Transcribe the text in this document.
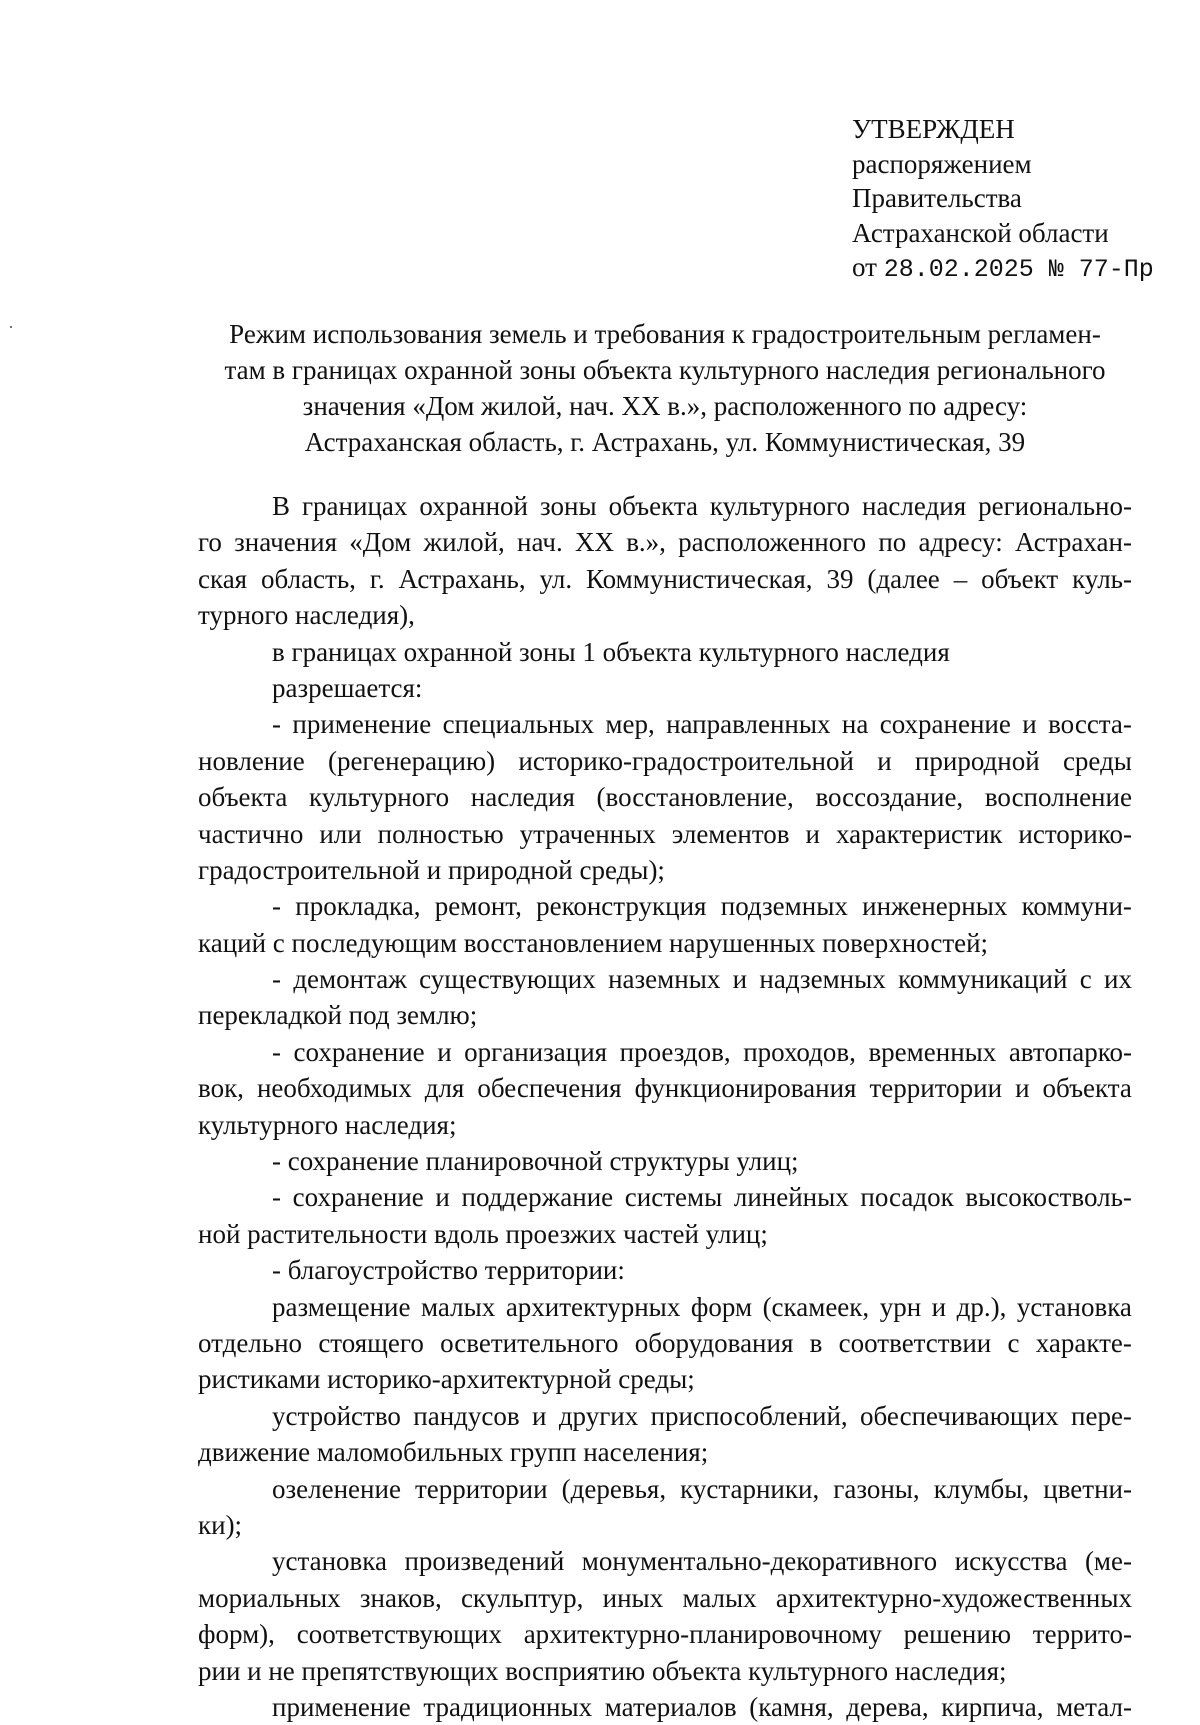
УТВЕРЖДЕН
распоряжением
Правительства
Астраханской области
от 28.02.2025 № 77-Пр
Режим использования земель и требования к градостроительным регламен-
там в границах охранной зоны объекта культурного наследия регионального
значения «Дом жилой, нач. XX в.», расположенного по адресу:
Астраханская область, г. Астрахань, ул. Коммунистическая, 39
В границах охранной зоны объекта культурного наследия регионально-
го значения «Дом жилой, нач. XX в.», расположенного по адресу: Астрахан-
ская область, г. Астрахань, ул. Коммунистическая, 39 (далее – объект куль-
турного наследия),
в границах охранной зоны 1 объекта культурного наследия
разрешается:
- применение специальных мер, направленных на сохранение и восста-
новление (регенерацию) историко-градостроительной и природной среды
объекта культурного наследия (восстановление, воссоздание, восполнение
частично или полностью утраченных элементов и характеристик историко-
градостроительной и природной среды);
- прокладка, ремонт, реконструкция подземных инженерных коммуни-
каций с последующим восстановлением нарушенных поверхностей;
- демонтаж существующих наземных и надземных коммуникаций с их
перекладкой под землю;
- сохранение и организация проездов, проходов, временных автопарко-
вок, необходимых для обеспечения функционирования территории и объекта
культурного наследия;
- сохранение планировочной структуры улиц;
- сохранение и поддержание системы линейных посадок высокостволь-
ной растительности вдоль проезжих частей улиц;
- благоустройство территории:
размещение малых архитектурных форм (скамеек, урн и др.), установка
отдельно стоящего осветительного оборудования в соответствии с характе-
ристиками историко-архитектурной среды;
устройство пандусов и других приспособлений, обеспечивающих пере-
движение маломобильных групп населения;
озеленение территории (деревья, кустарники, газоны, клумбы, цветни-
ки);
установка произведений монументально-декоративного искусства (ме-
мориальных знаков, скульптур, иных малых архитектурно-художественных
форм), соответствующих архитектурно-планировочному решению террито-
рии и не препятствующих восприятию объекта культурного наследия;
применение традиционных материалов (камня, дерева, кирпича, метал-
